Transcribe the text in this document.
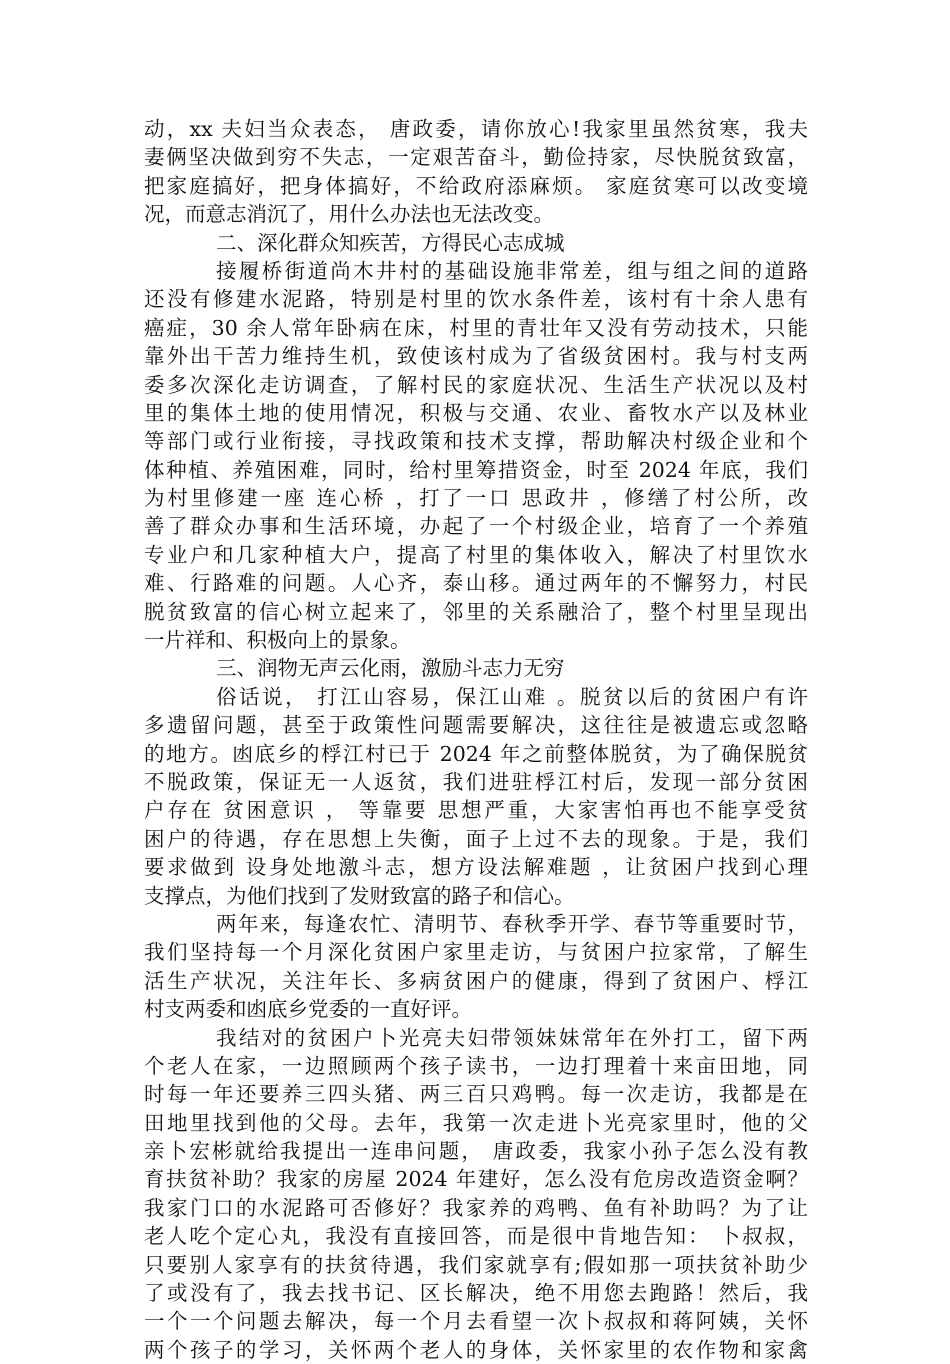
动，xx 夫妇当众表态， 唐政委，请你放心!我家里虽然贫寒，我夫
妻俩坚决做到穷不失志，一定艰苦奋斗，勤俭持家，尽快脱贫致富，
把家庭搞好，把身体搞好，不给政府添麻烦。 家庭贫寒可以改变境
况，而意志消沉了，用什么办法也无法改变。
二、深化群众知疾苦，方得民心志成城
接履桥街道尚木井村的基础设施非常差，组与组之间的道路
还没有修建水泥路，特别是村里的饮水条件差，该村有十余人患有
癌症，30 余人常年卧病在床，村里的青壮年又没有劳动技术，只能
靠外出干苦力维持生机，致使该村成为了省级贫困村。我与村支两
委多次深化走访调查，了解村民的家庭状况、生活生产状况以及村
里的集体土地的使用情况，积极与交通、农业、畜牧水产以及林业
等部门或行业衔接，寻找政策和技术支撑，帮助解决村级企业和个
体种植、养殖困难，同时，给村里筹措资金，时至 2024 年底，我们
为村里修建一座 连心桥 ，打了一口 思政井 ，修缮了村公所，改
善了群众办事和生活环境，办起了一个村级企业，培育了一个养殖
专业户和几家种植大户，提高了村里的集体收入，解决了村里饮水
难、行路难的问题。人心齐，泰山移。通过两年的不懈努力，村民
脱贫致富的信心树立起来了，邻里的关系融洽了，整个村里呈现出
一片祥和、积极向上的景象。
三、润物无声云化雨，激励斗志力无穷
俗话说， 打江山容易，保江山难 。脱贫以后的贫困户有许
多遗留问题，甚至于政策性问题需要解决，这往往是被遗忘或忽略
的地方。凼底乡的桴江村已于 2024 年之前整体脱贫，为了确保脱贫
不脱政策，保证无一人返贫，我们进驻桴江村后，发现一部分贫困
户存在 贫困意识 ， 等靠要 思想严重，大家害怕再也不能享受贫
困户的待遇，存在思想上失衡，面子上过不去的现象。于是，我们
要求做到 设身处地激斗志，想方设法解难题 ，让贫困户找到心理
支撑点，为他们找到了发财致富的路子和信心。
两年来，每逢农忙、清明节、春秋季开学、春节等重要时节，
我们坚持每一个月深化贫困户家里走访，与贫困户拉家常，了解生
活生产状况，关注年长、多病贫困户的健康，得到了贫困户、桴江
村支两委和凼底乡党委的一直好评。
我结对的贫困户卜光亮夫妇带领妹妹常年在外打工，留下两
个老人在家，一边照顾两个孩子读书，一边打理着十来亩田地，同
时每一年还要养三四头猪、两三百只鸡鸭。每一次走访，我都是在
田地里找到他的父母。去年，我第一次走进卜光亮家里时，他的父
亲卜宏彬就给我提出一连串问题， 唐政委，我家小孙子怎么没有教
育扶贫补助？我家的房屋 2024 年建好，怎么没有危房改造资金啊？
我家门口的水泥路可否修好？我家养的鸡鸭、鱼有补助吗？为了让
老人吃个定心丸，我没有直接回答，而是很中肯地告知： 卜叔叔，
只要别人家享有的扶贫待遇，我们家就享有;假如那一项扶贫补助少
了或没有了，我去找书记、区长解决，绝不用您去跑路！然后，我
一个一个问题去解决，每一个月去看望一次卜叔叔和蒋阿姨，关怀
两个孩子的学习，关怀两个老人的身体，关怀家里的农作物和家禽
